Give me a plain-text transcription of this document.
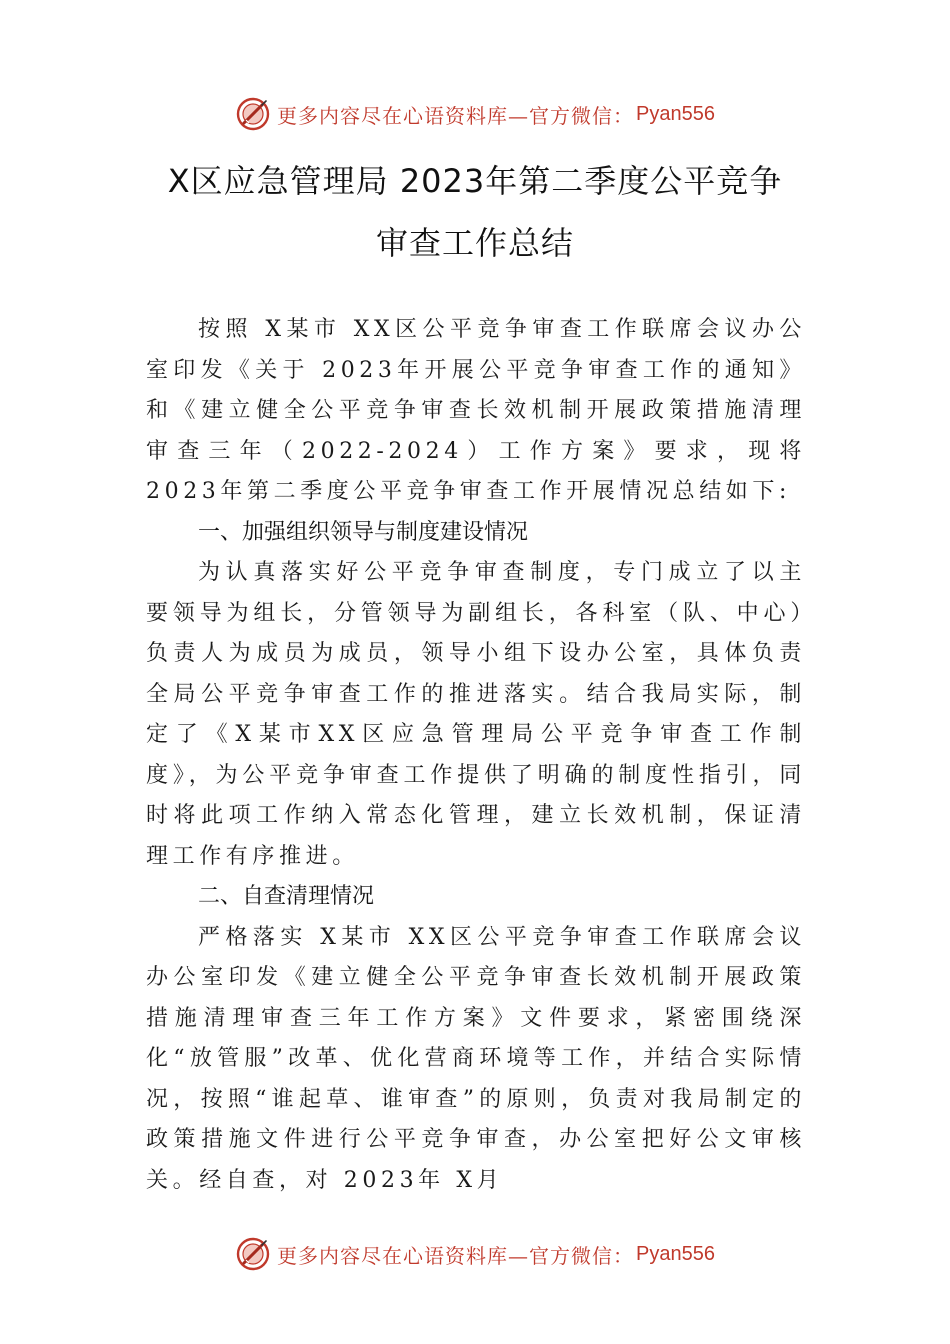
更多内容尽在心语资料库—官方微信： Pyan556
X区应急管理局 2023年第二季度公平竞争
审查工作总结

按照 X某市 XX区公平竞争审查工作联席会议办公室印发《关于 2023年开展公平竞争审查工作的通知》和《建立健全公平竞争审查长效机制开展政策措施清理审查三年（2022-2024）工作方案》要求，现将 2023年第二季度公平竞争审查工作开展情况总结如下:

一、加强组织领导与制度建设情况

为认真落实好公平竞争审查制度，专门成立了以主要领导为组长，分管领导为副组长，各科室（队、中心）负责人为成员为成员，领导小组下设办公室，具体负责全局公平竞争审查工作的推进落实。结合我局实际，制定了《X某市XX区应急管理局公平竞争审查工作制度》，为公平竞争审查工作提供了明确的制度性指引，同时将此项工作纳入常态化管理，建立长效机制，保证清理工作有序推进。

二、自查清理情况

严格落实 X某市 XX区公平竞争审查工作联席会议办公室印发《建立健全公平竞争审查长效机制开展政策措施清理审查三年工作方案》文件要求，紧密围绕深化“放管服”改革、优化营商环境等工作，并结合实际情况，按照“谁起草、谁审查”的原则，负责对我局制定的政策措施文件进行公平竞争审查，办公室把好公文审核关。经自查，对 2023年 X月

更多内容尽在心语资料库—官方微信： Pyan556
